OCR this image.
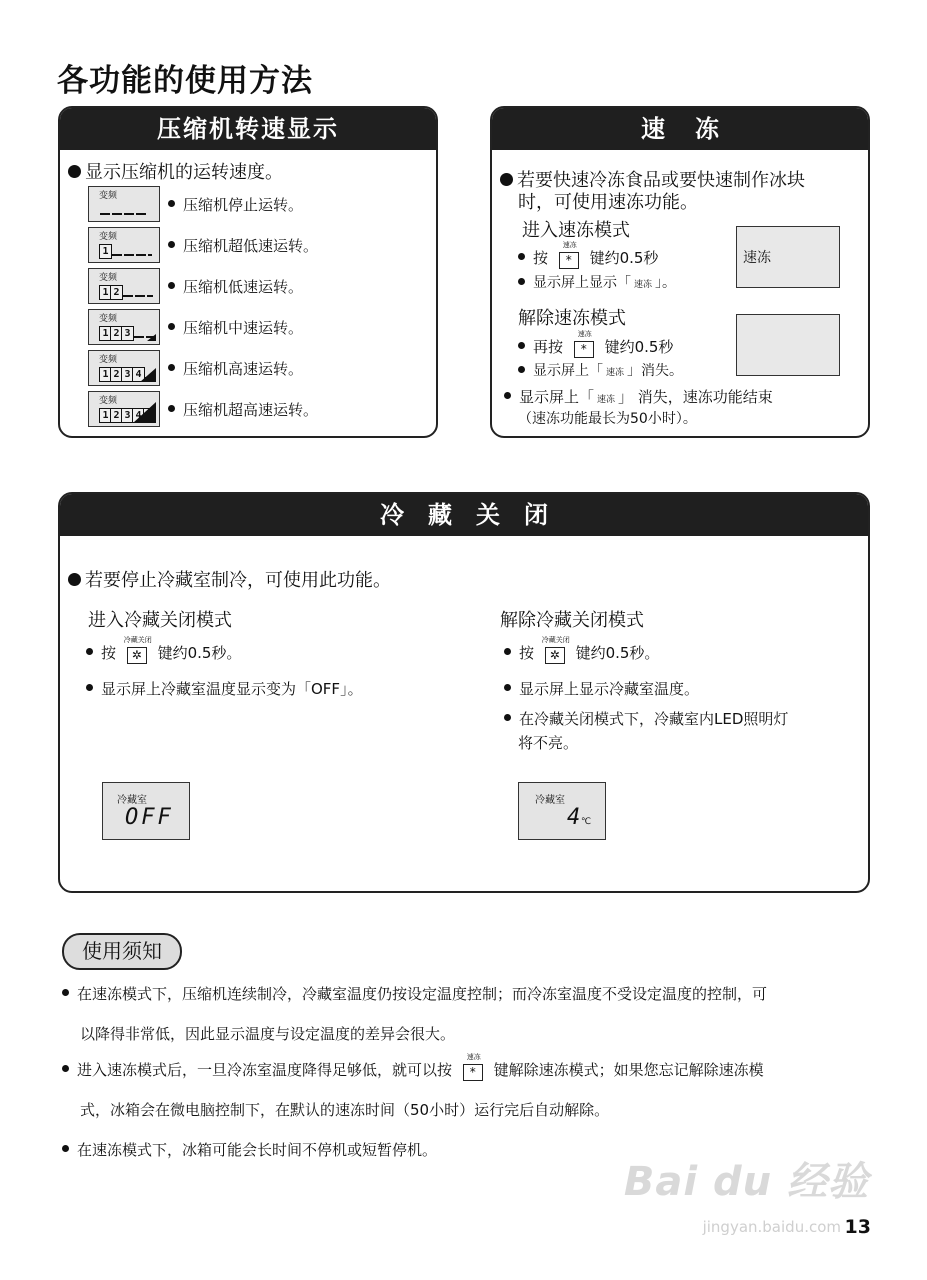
各功能的使用方法
压缩机转速显示
显示压缩机的运转速度。
变频	压缩机停止运转。
变频
1	压缩机超低速运转。
变频
1 2	压缩机低速运转。
变频
1 2 3	压缩机中速运转。
变频
1 2 3 4	压缩机高速运转。
变频
1 2 3 4 5	压缩机超高速运转。
速冻
若要快速冷冻食品或要快速制作冰块
时，可使用速冻功能。
进入速冻模式
按
速冻
* 键约0.5秒
显示屏上显示「 速冻 」。
速冻
解除速冻模式
再按
速冻
* 键约0.5秒
显示屏上「 速冻 」消失。
显示屏上「 速冻 」 消失，速冻功能结束
（速冻功能最长为50小时）。
冷藏关闭
若要停止冷藏室制冷，可使用此功能。
进入冷藏关闭模式
按
冷藏关闭
✲ 键约0.5秒。
显示屏上冷藏室温度显示变为「OFF」。
冷藏室
OFF
解除冷藏关闭模式
按
冷藏关闭
✲ 键约0.5秒。
显示屏上显示冷藏室温度。
在冷藏关闭模式下，冷藏室内LED照明灯
将不亮。
冷藏室
4 ℃
使用须知
在速冻模式下，压缩机连续制冷，冷藏室温度仍按设定温度控制；而冷冻室温度不受设定温度的控制，可
以降得非常低，因此显示温度与设定温度的差异会很大。
进入速冻模式后，一旦冷冻室温度降得足够低，就可以按
速冻
* 键解除速冻模式；如果您忘记解除速冻模
式，冰箱会在微电脑控制下，在默认的速冻时间（50小时）运行完后自动解除。
在速冻模式下，冰箱可能会长时间不停机或短暂停机。
Bai du 经验
jingyan.baidu.com 13
